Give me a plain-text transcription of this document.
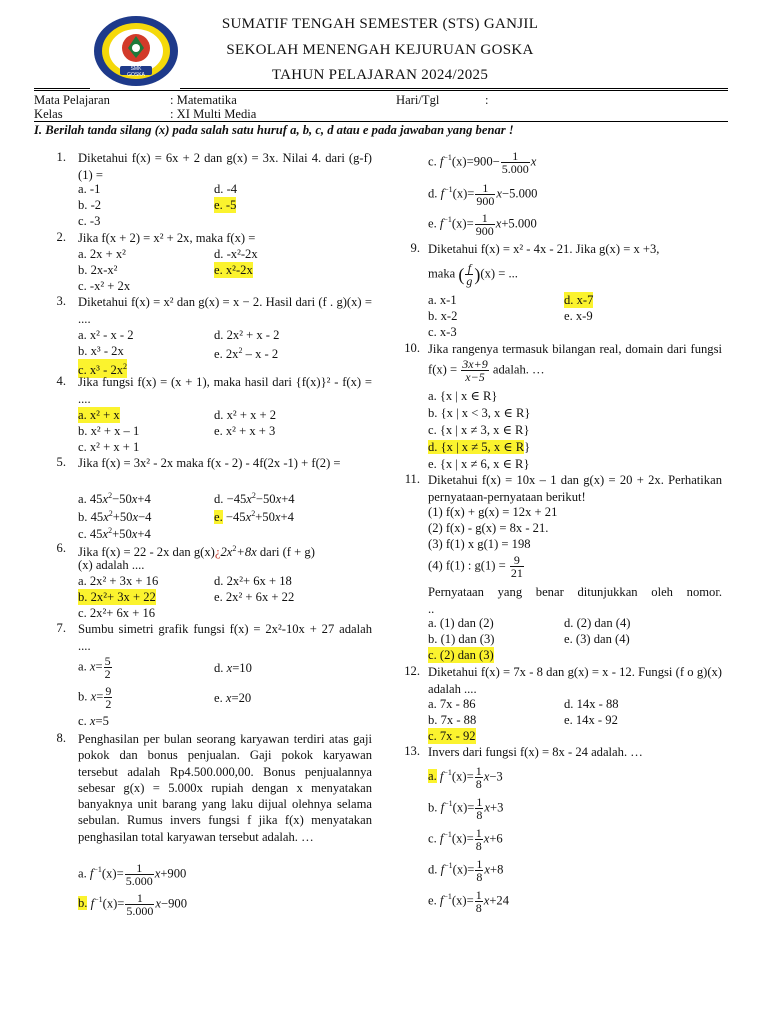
SMK GOSKA
SUMATIF TENGAH SEMESTER (STS) GANJIL
SEKOLAH MENENGAH KEJURUAN GOSKA
TAHUN PELAJARAN 2024/2025
Mata Pelajaran	: Matematika	Hari/Tgl	:
Kelas	: XI Multi Media
I. Berilah tanda silang (x) pada salah satu huruf a, b, c, d atau e pada jawaban yang benar !
1. Diketahui f(x) = 6x + 2 dan g(x) = 3x. Nilai 4. dari (g-f)(1) =
a. -1	d. -4
b. -2	e. -5
c. -3
2. Jika f(x + 2) = x² + 2x, maka f(x) =
a. 2x + x²	d. -x²-2x
b. 2x-x²	e. x²-2x
c. -x² + 2x
3. Diketahui f(x) = x² dan g(x) = x − 2. Hasil dari (f . g)(x) = ....
a. x² - x - 2	d. 2x² + x - 2
b. x³ - 2x	e. $2x^2$ – x - 2
c. $x^3 - 2x^2$
4. Jika fungsi f(x) = (x + 1), maka hasil dari {f(x)}² - f(x) = ....
a. x² + x	d. x² + x + 2
b. x² + x – 1	e. x² + x + 3
c. x² + x + 1
5. Jika f(x) = 3x² - 2x maka f(x - 2) - 4f(2x -1) + f(2) =
a. $45x^2-50x+4$	d. $-45x^2-50x+4$
b. $45x^2+50x-4$	e. $-45x^2+50x+4$
c. $45x^2+50x+4$
6. Jika f(x) = 22 - 2x dan $g(x)¿2x^2+8x$ dari (f + g)
(x) adalah ....
a. 2x² + 3x + 16	d. 2x²+ 6x + 18
b. 2x²+ 3x + 22	e. 2x² + 6x + 22
c. 2x²+ 6x + 16
7. Sumbu simetri grafik fungsi f(x) = 2x²-10x + 27 adalah ....
a. $x= \frac{5}{2}$	d. x=10
b. $x= \frac{9}{2}$	e. x=20
c. x=5
8. Penghasilan per bulan seorang karyawan terdiri atas gaji pokok dan bonus penjualan. Gaji pokok karyawan tersebut adalah Rp4.500.000,00. Bonus penjualannya sebesar g(x) = 5.000x rupiah dengan x menyatakan banyaknya unit barang yang laku dijual olehnya selama sebulan. Rumus invers fungsi f jika f(x) menyatakan penghasilan total karyawan tersebut adalah. …
a. $f^{-1}(x)= \frac{1}{5.000} x+900$
b. $f^{-1}(x)= \frac{1}{5.000} x-900$
c. $f^{-1}(x)=900- \frac{1}{5.000}$ x
d. $f^{-1}(x)= \frac{1}{900} x-5.000$
e. $f^{-1}(x)= \frac{1}{900} x+5.000$
9. Diketahui f(x) = x² - 4x - 21. Jika g(x) = x +3,
maka ( $\frac{f}{g} )(x)$ = ...
a. x-1	d. x-7
b. x-2	e. x-9
c. x-3
10. Jika rangenya termasuk bilangan real, domain dari fungsi $f(x) = \frac{3x+9}{x-5}$ adalah. …
a. {x | x ∈ R}
b. {x | x < 3, x ∈ R}
c. {x | x ≠ 3, x ∈ R}
d. {x | x ≠ 5, x ∈ R}
e. {x | x ≠ 6, x ∈ R}
11. Diketahui f(x) = 10x – 1 dan g(x) = 20 + 2x. Perhatikan pernyataan-pernyataan berikut!
(1) f(x) + g(x) = 12x + 21
(2) f(x) - g(x) = 8x - 21.
(3) f(1) x g(1) = 198
(4) f(1) : $g(1) = \frac{9}{21}$
Pernyataan yang benar ditunjukkan oleh nomor. ..
a. (1) dan (2)	d. (2) dan (4)
b. (1) dan (3)	e. (3) dan (4)
c. (2) dan (3)
12. Diketahui f(x) = 7x - 8 dan g(x) = x - 12. Fungsi (f o g)(x) adalah ....
a. 7x - 86	d. 14x - 88
b. 7x - 88	e. 14x - 92
c. 7x - 92
13. Invers dari fungsi f(x) = 8x - 24 adalah. …
a. $f^{-1}(x)= \frac{1}{8} x-3$
b. $f^{-1}(x)= \frac{1}{8} x+3$
c. $f^{-1}(x)= \frac{1}{8} x+6$
d. $f^{-1}(x)= \frac{1}{8} x+8$
e. $f^{-1}(x)= \frac{1}{8} x+24$
